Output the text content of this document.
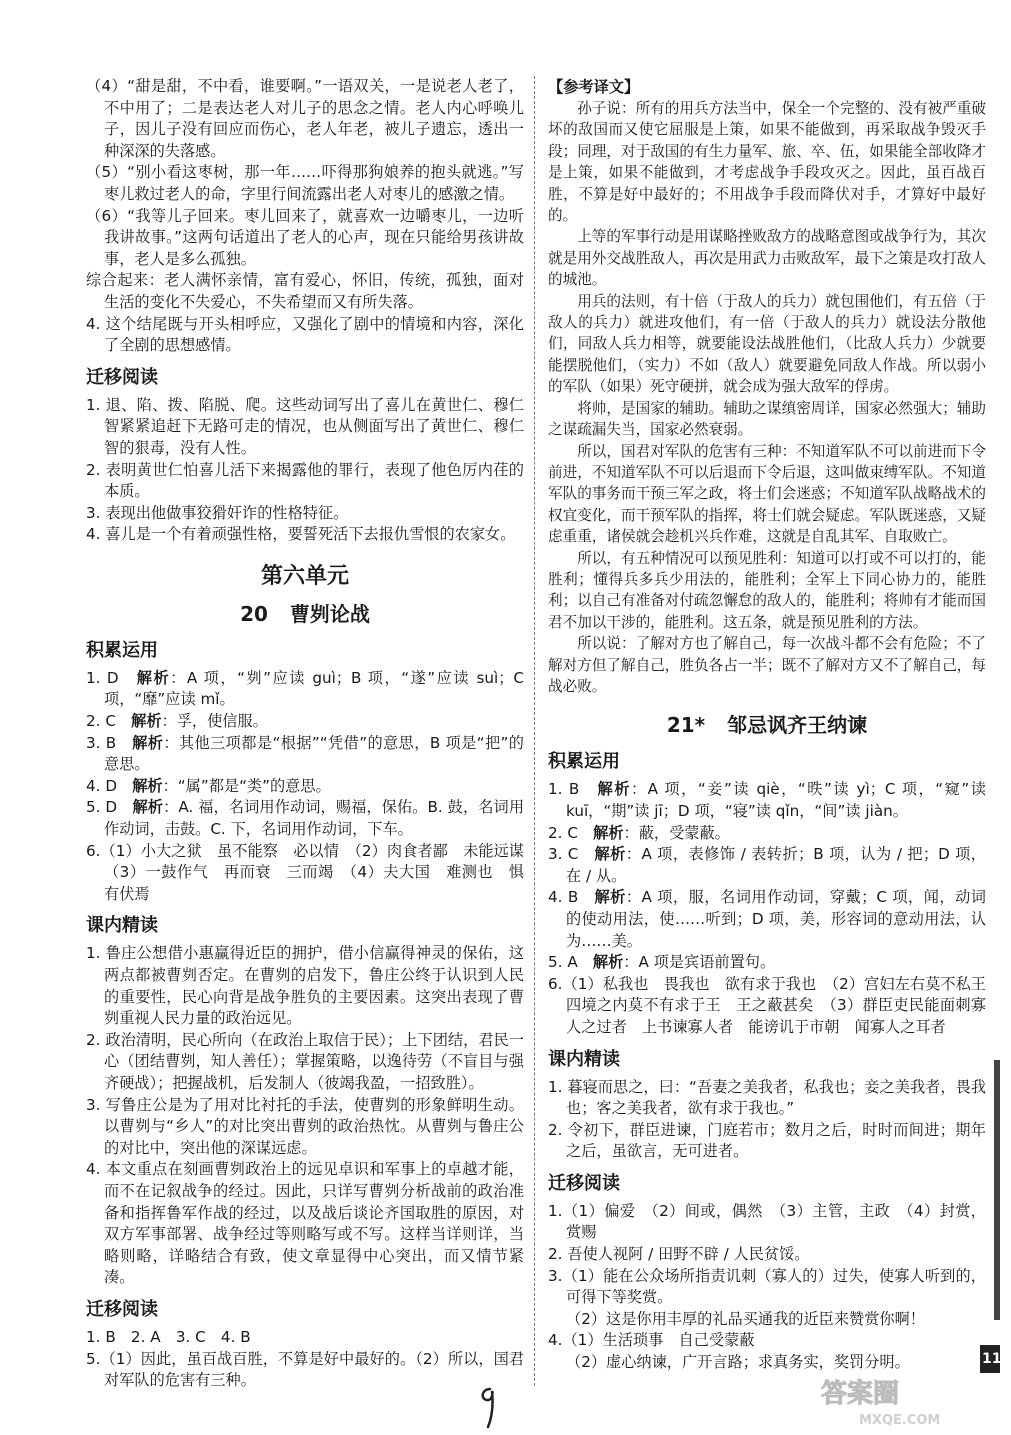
（4）“甜是甜，不中看，谁要啊。”一语双关，一是说老人老了，不中用了；二是表达老人对儿子的思念之情。老人内心呼唤儿子，因儿子没有回应而伤心，老人年老，被儿子遗忘，透出一种深深的失落感。

（5）“别小看这枣树，那一年……吓得那狗娘养的抱头就逃。”写枣儿救过老人的命，字里行间流露出老人对枣儿的感激之情。

（6）“我等儿子回来。枣儿回来了，就喜欢一边嚼枣儿，一边听我讲故事。”这两句话道出了老人的心声，现在只能给男孩讲故事，老人是多么孤独。

综合起来：老人满怀亲情，富有爱心，怀旧，传统，孤独，面对生活的变化不失爱心，不失希望而又有所失落。

4. 这个结尾既与开头相呼应，又强化了剧中的情境和内容，深化了全剧的思想感情。

迁移阅读

1. 退、陷、拨、陷脱、爬。这些动词写出了喜儿在黄世仁、穆仁智紧紧追赶下无路可走的情况，也从侧面写出了黄世仁、穆仁智的狠毒，没有人性。

2. 表明黄世仁怕喜儿活下来揭露他的罪行，表现了他色厉内荏的本质。

3. 表现出他做事狡猾奸诈的性格特征。

4. 喜儿是一个有着顽强性格，要誓死活下去报仇雪恨的农家女。

第六单元
20 曹刿论战
积累运用

1. D　解析：A 项，“刿”应读 guì；B 项，“遂”应读 suì；C 项，“靡”应读 mǐ。

2. C　解析：孚，使信服。

3. B　解析：其他三项都是“根据”“凭借”的意思，B 项是“把”的意思。

4. D　解析：“属”都是“类”的意思。

5. D　解析：A. 福，名词用作动词，赐福，保佑。B. 鼓，名词用作动词，击鼓。C. 下，名词用作动词，下车。

6.（1）小大之狱　虽不能察　必以情　（2）肉食者鄙　未能远谋　（3）一鼓作气　再而衰　三而竭　（4）夫大国　难测也　惧有伏焉

课内精读

1. 鲁庄公想借小惠赢得近臣的拥护，借小信赢得神灵的保佑，这两点都被曹刿否定。在曹刿的启发下，鲁庄公终于认识到人民的重要性，民心向背是战争胜负的主要因素。这突出表现了曹刿重视人民力量的政治远见。

2. 政治清明，民心所向（在政治上取信于民）；上下团结，君民一心（团结曹刿，知人善任）；掌握策略，以逸待劳（不盲目与强齐硬战）；把握战机，后发制人（彼竭我盈，一招致胜）。

3. 写鲁庄公是为了用对比衬托的手法，使曹刿的形象鲜明生动。以曹刿与“乡人”的对比突出曹刿的政治热忱。从曹刿与鲁庄公的对比中，突出他的深谋远虑。

4. 本文重点在刻画曹刿政治上的远见卓识和军事上的卓越才能，而不在记叙战争的经过。因此，只详写曹刿分析战前的政治准备和指挥鲁军作战的经过，以及战后谈论齐国取胜的原因，对双方军事部署、战争经过等则略写或不写。这样当详则详，当略则略，详略结合有致，使文章显得中心突出，而又情节紧凑。

迁移阅读

1. B　2. A　3. C　4. B

5.（1）因此，虽百战百胜，不算是好中最好的。（2）所以，国君对军队的危害有三种。

【参考译文】

孙子说：所有的用兵方法当中，保全一个完整的、没有被严重破坏的敌国而又使它屈服是上策，如果不能做到，再采取战争毁灭手段；同理，对于敌国的有生力量军、旅、卒、伍，如果能全部收降才是上策，如果不能做到，才考虑战争手段攻灭之。因此，虽百战百胜，不算是好中最好的；不用战争手段而降伏对手，才算好中最好的。

上等的军事行动是用谋略挫败敌方的战略意图或战争行为，其次就是用外交战胜敌人，再次是用武力击败敌军，最下之策是攻打敌人的城池。

用兵的法则，有十倍（于敌人的兵力）就包围他们，有五倍（于敌人的兵力）就进攻他们，有一倍（于敌人的兵力）就设法分散他们，同敌人兵力相等，就要能设法战胜他们，（比敌人兵力）少就要能摆脱他们，（实力）不如（敌人）就要避免同敌人作战。所以弱小的军队（如果）死守硬拼，就会成为强大敌军的俘虏。

将帅，是国家的辅助。辅助之谋缜密周详，国家必然强大；辅助之谋疏漏失当，国家必然衰弱。

所以，国君对军队的危害有三种：不知道军队不可以前进而下令前进，不知道军队不可以后退而下令后退，这叫做束缚军队。不知道军队的事务而干预三军之政，将士们会迷惑；不知道军队战略战术的权宜变化，而干预军队的指挥，将士们就会疑虑。军队既迷惑，又疑虑重重，诸侯就会趁机兴兵作难，这就是自乱其军、自取败亡。

所以，有五种情况可以预见胜利：知道可以打或不可以打的，能胜利；懂得兵多兵少用法的，能胜利；全军上下同心协力的，能胜利；以自己有准备对付疏忽懈怠的敌人的，能胜利；将帅有才能而国君不加以干涉的，能胜利。这五条，就是预见胜利的方法。

所以说：了解对方也了解自己，每一次战斗都不会有危险；不了解对方但了解自己，胜负各占一半；既不了解对方又不了解自己，每战必败。

21* 邹忌讽齐王纳谏
积累运用

1. B　解析：A 项，“妾”读 qiè，“昳”读 yì；C 项，“窥”读 kuī，“期”读 jī；D 项，“寝”读 qǐn，“间”读 jiàn。

2. C　解析：蔽，受蒙蔽。

3. C　解析：A 项，表修饰 / 表转折；B 项，认为 / 把；D 项，在 / 从。

4. B　解析：A 项，服，名词用作动词，穿戴；C 项，闻，动词的使动用法，使……听到；D 项，美，形容词的意动用法，认为……美。

5. A　解析：A 项是宾语前置句。

6.（1）私我也　畏我也　欲有求于我也　（2）宫妇左右莫不私王　四境之内莫不有求于王　王之蔽甚矣　（3）群臣吏民能面刺寡人之过者　上书谏寡人者　能谤讥于市朝　闻寡人之耳者

课内精读

1. 暮寝而思之，曰：“吾妻之美我者，私我也；妾之美我者，畏我也；客之美我者，欲有求于我也。”

2. 令初下，群臣进谏，门庭若市；数月之后，时时而间进；期年之后，虽欲言，无可进者。

迁移阅读

1.（1）偏爱　（2）间或，偶然　（3）主管，主政　（4）封赏，赏赐

2. 吾使人视阿 / 田野不辟 / 人民贫馁。

3.（1）能在公众场所指责讥刺（寡人的）过失，使寡人听到的，可得下等奖赏。

（2）这是你用丰厚的礼品买通我的近臣来赞赏你啊！

4.（1）生活琐事　自己受蒙蔽

（2）虚心纳谏，广开言路；求真务实，奖罚分明。	110
答案圈
MXQE.COM
